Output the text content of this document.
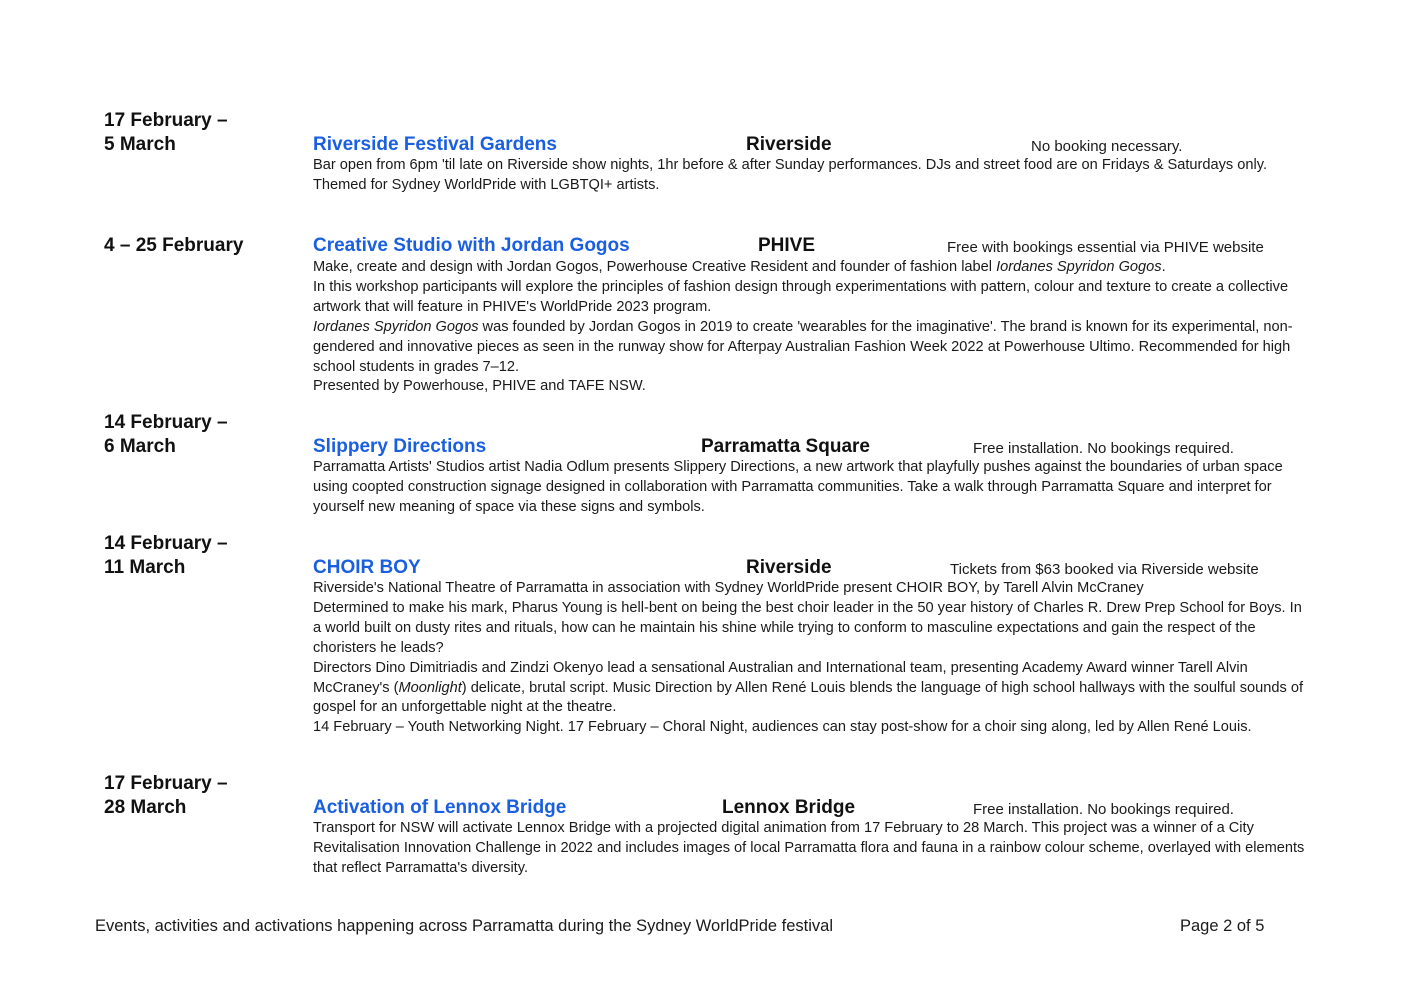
17 February –
5 March	Riverside Festival Gardens	Riverside	No booking necessary.

Bar open from 6pm 'til late on Riverside show nights, 1hr before & after Sunday performances. DJs and street food are on Fridays & Saturdays only. Themed for Sydney WorldPride with LGBTQI+ artists.

4 – 25 February	Creative Studio with Jordan Gogos	PHIVE	Free with bookings essential via PHIVE website

Make, create and design with Jordan Gogos, Powerhouse Creative Resident and founder of fashion label Iordanes Spyridon Gogos.

In this workshop participants will explore the principles of fashion design through experimentations with pattern, colour and texture to create a collective artwork that will feature in PHIVE's WorldPride 2023 program.

Iordanes Spyridon Gogos was founded by Jordan Gogos in 2019 to create 'wearables for the imaginative'. The brand is known for its experimental, non-gendered and innovative pieces as seen in the runway show for Afterpay Australian Fashion Week 2022 at Powerhouse Ultimo. Recommended for high school students in grades 7–12.

Presented by Powerhouse, PHIVE and TAFE NSW.

14 February –
6 March	Slippery Directions	Parramatta Square	Free installation. No bookings required.

Parramatta Artists' Studios artist Nadia Odlum presents Slippery Directions, a new artwork that playfully pushes against the boundaries of urban space using coopted construction signage designed in collaboration with Parramatta communities. Take a walk through Parramatta Square and interpret for yourself new meaning of space via these signs and symbols.

14 February –
11 March	CHOIR BOY	Riverside	Tickets from $63 booked via Riverside website

Riverside's National Theatre of Parramatta in association with Sydney WorldPride present CHOIR BOY, by Tarell Alvin McCraney

Determined to make his mark, Pharus Young is hell-bent on being the best choir leader in the 50 year history of Charles R. Drew Prep School for Boys. In a world built on dusty rites and rituals, how can he maintain his shine while trying to conform to masculine expectations and gain the respect of the choristers he leads?

Directors Dino Dimitriadis and Zindzi Okenyo lead a sensational Australian and International team, presenting Academy Award winner Tarell Alvin McCraney's (Moonlight) delicate, brutal script. Music Direction by Allen René Louis blends the language of high school hallways with the soulful sounds of gospel for an unforgettable night at the theatre.

14 February – Youth Networking Night. 17 February – Choral Night, audiences can stay post-show for a choir sing along, led by Allen René Louis.

17 February –
28 March	Activation of Lennox Bridge	Lennox Bridge	Free installation. No bookings required.

Transport for NSW will activate Lennox Bridge with a projected digital animation from 17 February to 28 March. This project was a winner of a City Revitalisation Innovation Challenge in 2022 and includes images of local Parramatta flora and fauna in a rainbow colour scheme, overlayed with elements that reflect Parramatta's diversity.

Events, activities and activations happening across Parramatta during the Sydney WorldPride festival	Page 2 of 5
